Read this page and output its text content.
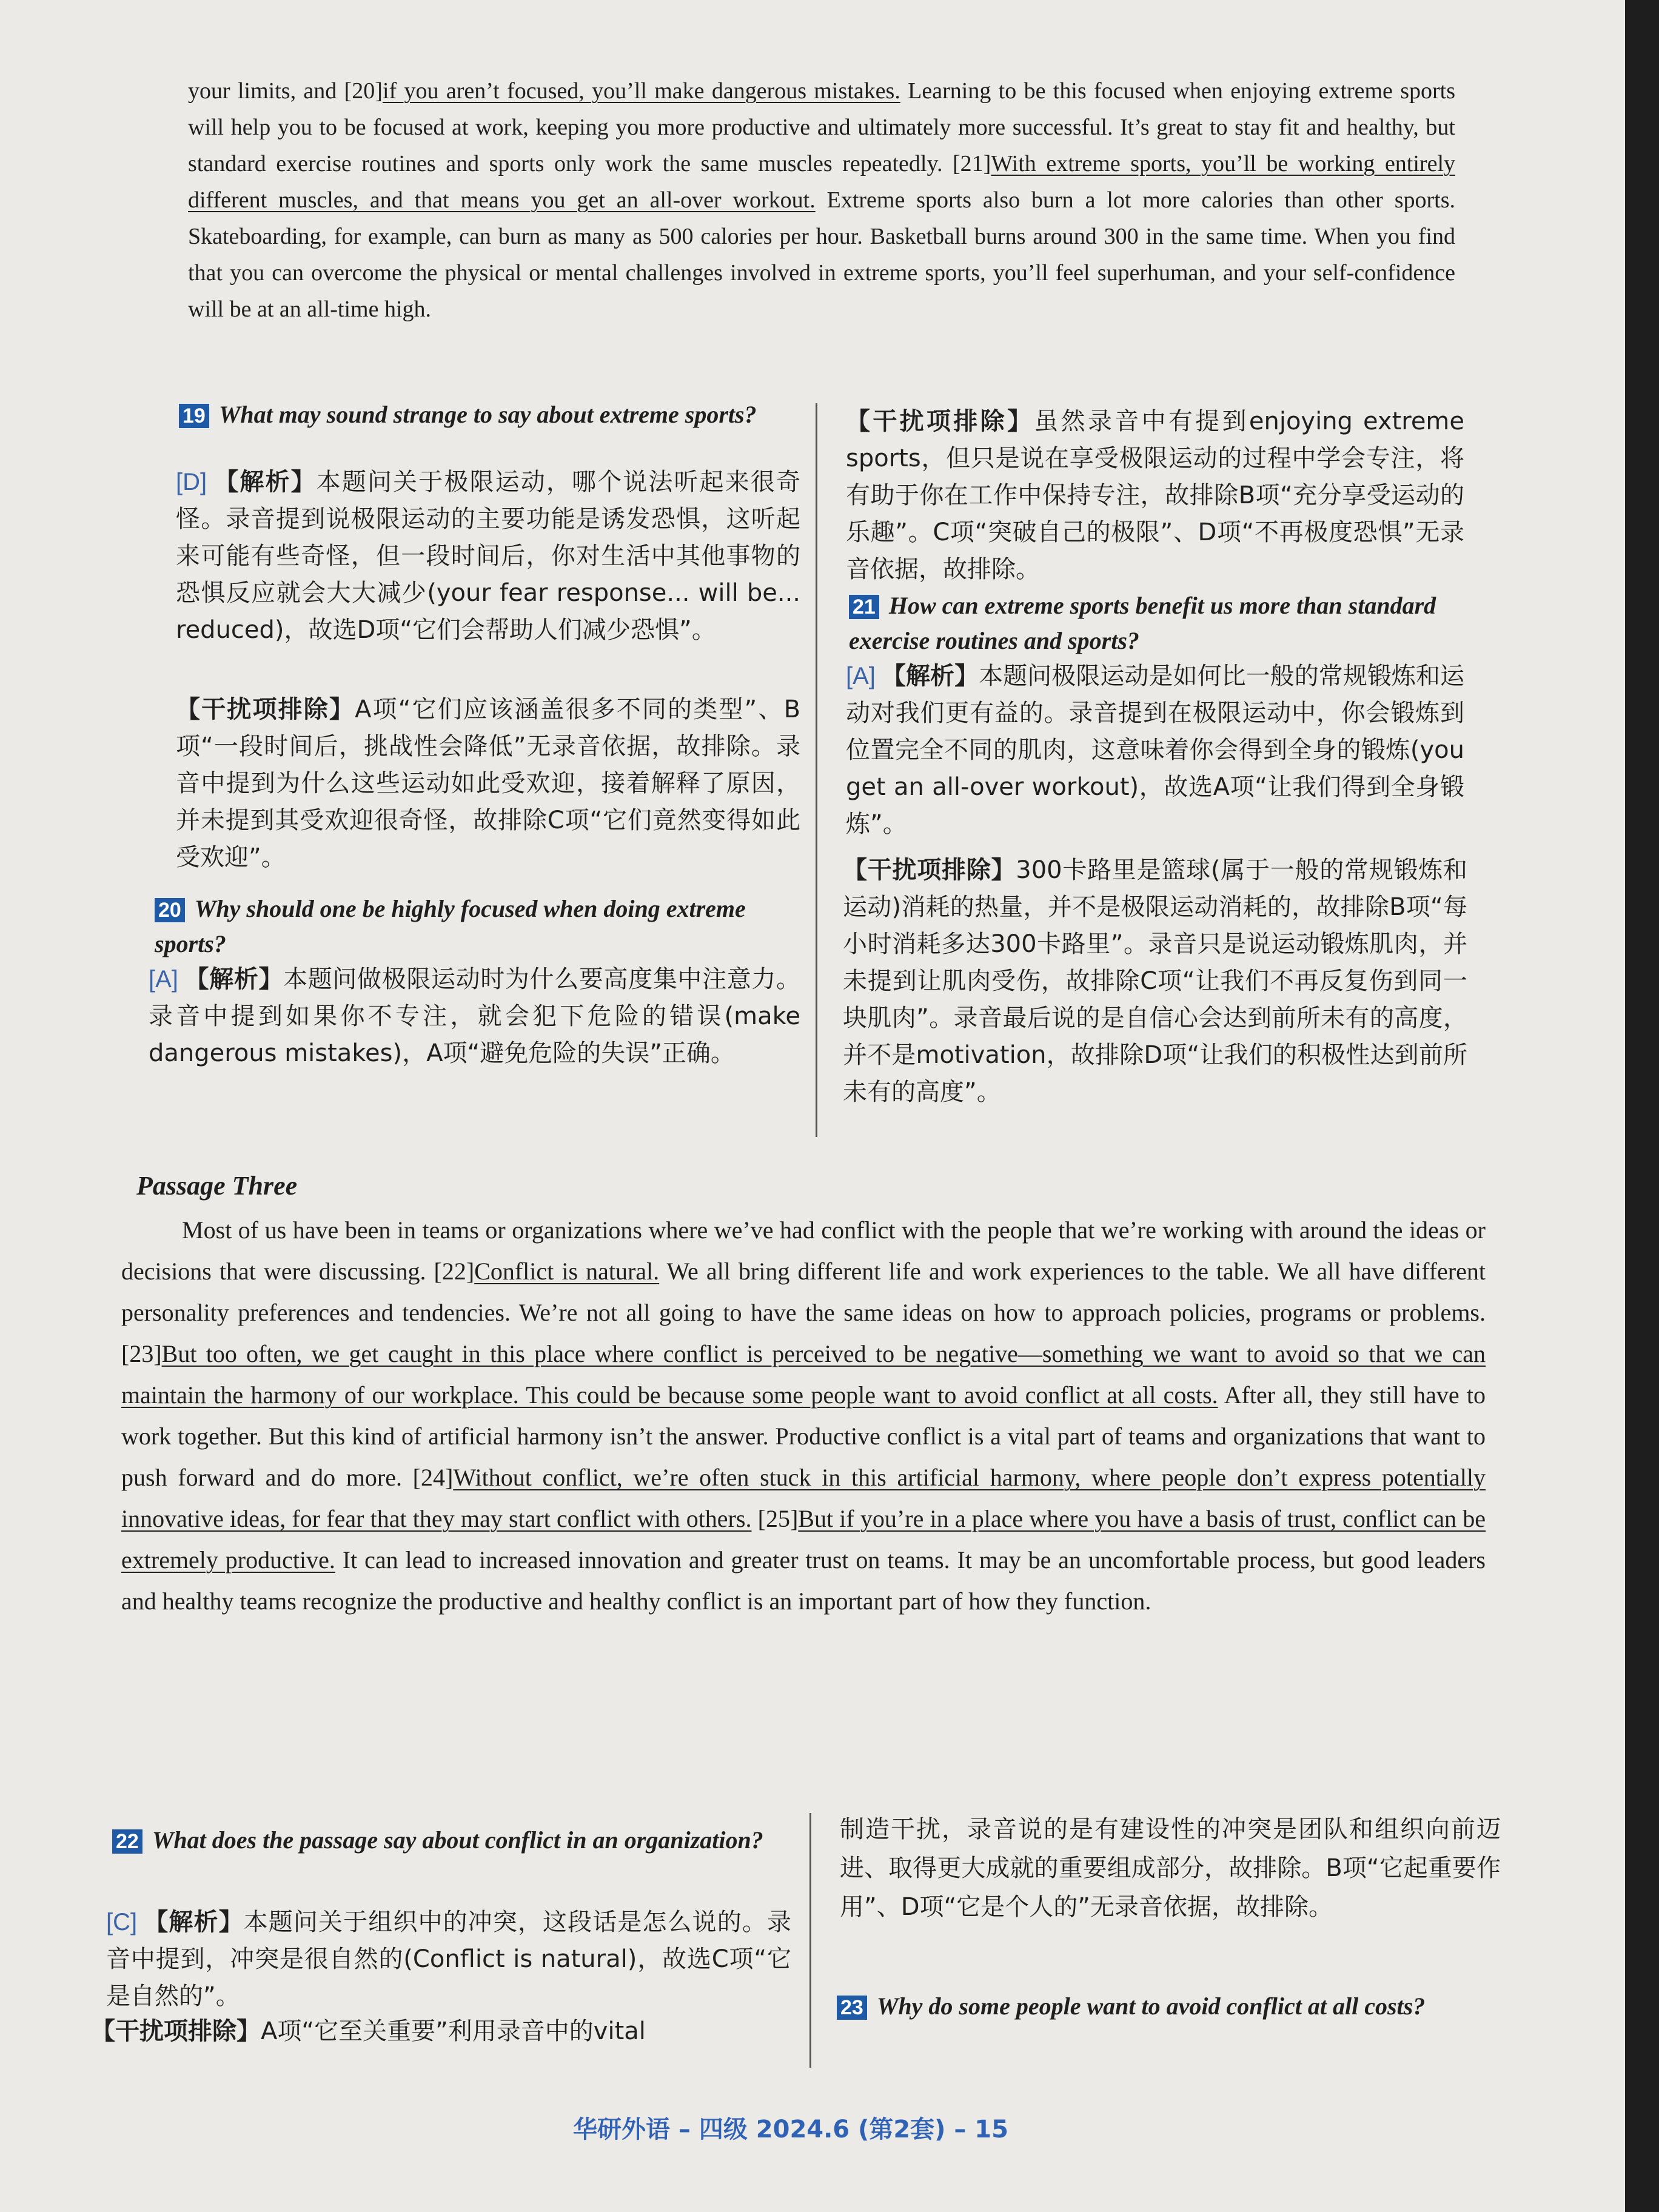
your limits, and [20]if you aren’t focused, you’ll make dangerous mistakes. Learning to be this focused when enjoying extreme sports will help you to be focused at work, keeping you more productive and ultimately more successful. It’s great to stay fit and healthy, but standard exercise routines and sports only work the same muscles repeatedly. [21]With extreme sports, you’ll be working entirely different muscles, and that means you get an all-over workout. Extreme sports also burn a lot more calories than other sports. Skateboarding, for example, can burn as many as 500 calories per hour. Basketball burns around 300 in the same time. When you find that you can overcome the physical or mental challenges involved in extreme sports, you’ll feel superhuman, and your self-confidence will be at an all-time high.
19 What may sound strange to say about extreme sports?
[D] 【解析】本题问关于极限运动，哪个说法听起来很奇怪。录音提到说极限运动的主要功能是诱发恐惧，这听起来可能有些奇怪，但一段时间后，你对生活中其他事物的恐惧反应就会大大减少(your fear response... will be... reduced)，故选D项“它们会帮助人们减少恐惧”。
【干扰项排除】A项“它们应该涵盖很多不同的类型”、B项“一段时间后，挑战性会降低”无录音依据，故排除。录音中提到为什么这些运动如此受欢迎，接着解释了原因，并未提到其受欢迎很奇怪，故排除C项“它们竟然变得如此受欢迎”。
20 Why should one be highly focused when doing extreme sports?
[A] 【解析】本题问做极限运动时为什么要高度集中注意力。录音中提到如果你不专注，就会犯下危险的错误(make dangerous mistakes)，A项“避免危险的失误”正确。
【干扰项排除】虽然录音中有提到enjoying extreme sports，但只是说在享受极限运动的过程中学会专注，将有助于你在工作中保持专注，故排除B项“充分享受运动的乐趣”。C项“突破自己的极限”、D项“不再极度恐惧”无录音依据，故排除。
21 How can extreme sports benefit us more than standard exercise routines and sports?
[A] 【解析】本题问极限运动是如何比一般的常规锻炼和运动对我们更有益的。录音提到在极限运动中，你会锻炼到位置完全不同的肌肉，这意味着你会得到全身的锻炼(you get an all-over workout)，故选A项“让我们得到全身锻炼”。
【干扰项排除】300卡路里是篮球(属于一般的常规锻炼和运动)消耗的热量，并不是极限运动消耗的，故排除B项“每小时消耗多达300卡路里”。录音只是说运动锻炼肌肉，并未提到让肌肉受伤，故排除C项“让我们不再反复伤到同一块肌肉”。录音最后说的是自信心会达到前所未有的高度，并不是motivation，故排除D项“让我们的积极性达到前所未有的高度”。
Passage Three
Most of us have been in teams or organizations where we’ve had conflict with the people that we’re working with around the ideas or decisions that were discussing. [22]Conflict is natural. We all bring different life and work experiences to the table. We all have different personality preferences and tendencies. We’re not all going to have the same ideas on how to approach policies, programs or problems. [23]But too often, we get caught in this place where conflict is perceived to be negative—something we want to avoid so that we can maintain the harmony of our workplace. This could be because some people want to avoid conflict at all costs. After all, they still have to work together. But this kind of artificial harmony isn’t the answer. Productive conflict is a vital part of teams and organizations that want to push forward and do more. [24]Without conflict, we’re often stuck in this artificial harmony, where people don’t express potentially innovative ideas, for fear that they may start conflict with others. [25]But if you’re in a place where you have a basis of trust, conflict can be extremely productive. It can lead to increased innovation and greater trust on teams. It may be an uncomfortable process, but good leaders and healthy teams recognize the productive and healthy conflict is an important part of how they function.
22 What does the passage say about conflict in an organization?
[C] 【解析】本题问关于组织中的冲突，这段话是怎么说的。录音中提到，冲突是很自然的(Conflict is natural)，故选C项“它是自然的”。
【干扰项排除】A项“它至关重要”利用录音中的vital
制造干扰，录音说的是有建设性的冲突是团队和组织向前迈进、取得更大成就的重要组成部分，故排除。B项“它起重要作用”、D项“它是个人的”无录音依据，故排除。
23 Why do some people want to avoid conflict at all costs?
华研外语 – 四级 2024.6 (第2套) – 15
